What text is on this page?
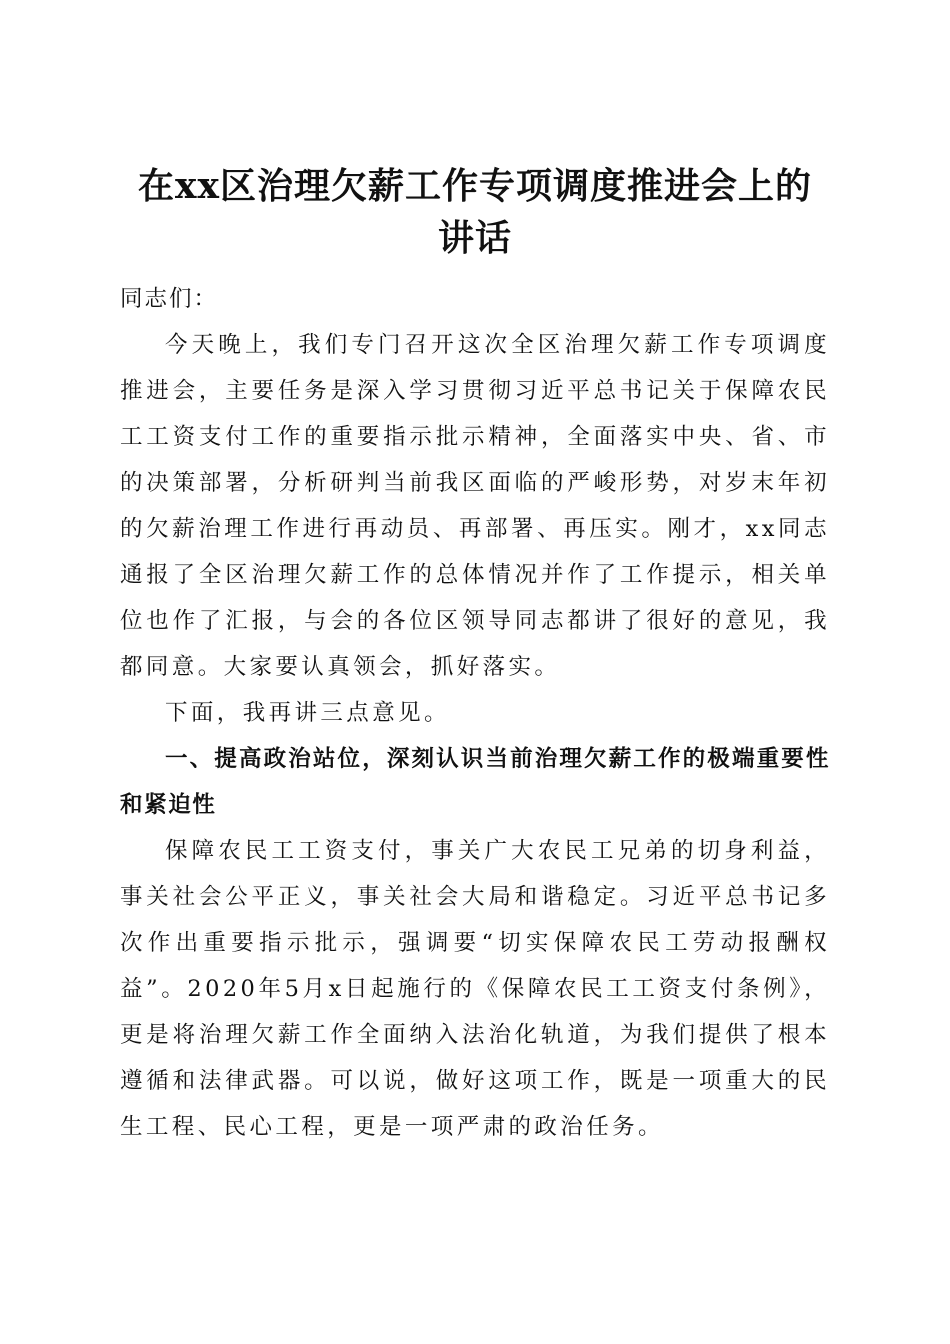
在xx区治理欠薪工作专项调度推进会上的讲话

同志们：

今天晚上，我们专门召开这次全区治理欠薪工作专项调度推进会，主要任务是深入学习贯彻习近平总书记关于保障农民工工资支付工作的重要指示批示精神，全面落实中央、省、市的决策部署，分析研判当前我区面临的严峻形势，对岁末年初的欠薪治理工作进行再动员、再部署、再压实。刚才，xx同志通报了全区治理欠薪工作的总体情况并作了工作提示，相关单位也作了汇报，与会的各位区领导同志都讲了很好的意见，我都同意。大家要认真领会，抓好落实。

下面，我再讲三点意见。

一、提高政治站位，深刻认识当前治理欠薪工作的极端重要性和紧迫性

保障农民工工资支付，事关广大农民工兄弟的切身利益，事关社会公平正义，事关社会大局和谐稳定。习近平总书记多次作出重要指示批示，强调要“切实保障农民工劳动报酬权益”。2020年5月x日起施行的《保障农民工工资支付条例》，更是将治理欠薪工作全面纳入法治化轨道，为我们提供了根本遵循和法律武器。可以说，做好这项工作，既是一项重大的民生工程、民心工程，更是一项严肃的政治任务。
